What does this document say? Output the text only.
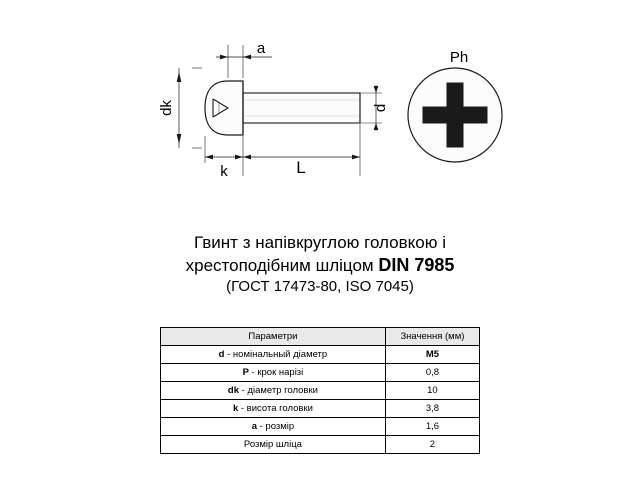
a
dk	d
k	L
Ph
Гвинт з напівкруглою головкою і
хрестоподібним шліцом DIN 7985
(ГОСТ 17473-80, ISO 7045)
Параметри	Значення (мм)
d - номінальный діаметр	M5
P - крок нарізі	0,8
dk - діаметр головки	10
k - висота головки	3,8
a - розмір	1,6
Розмір шліца	2
